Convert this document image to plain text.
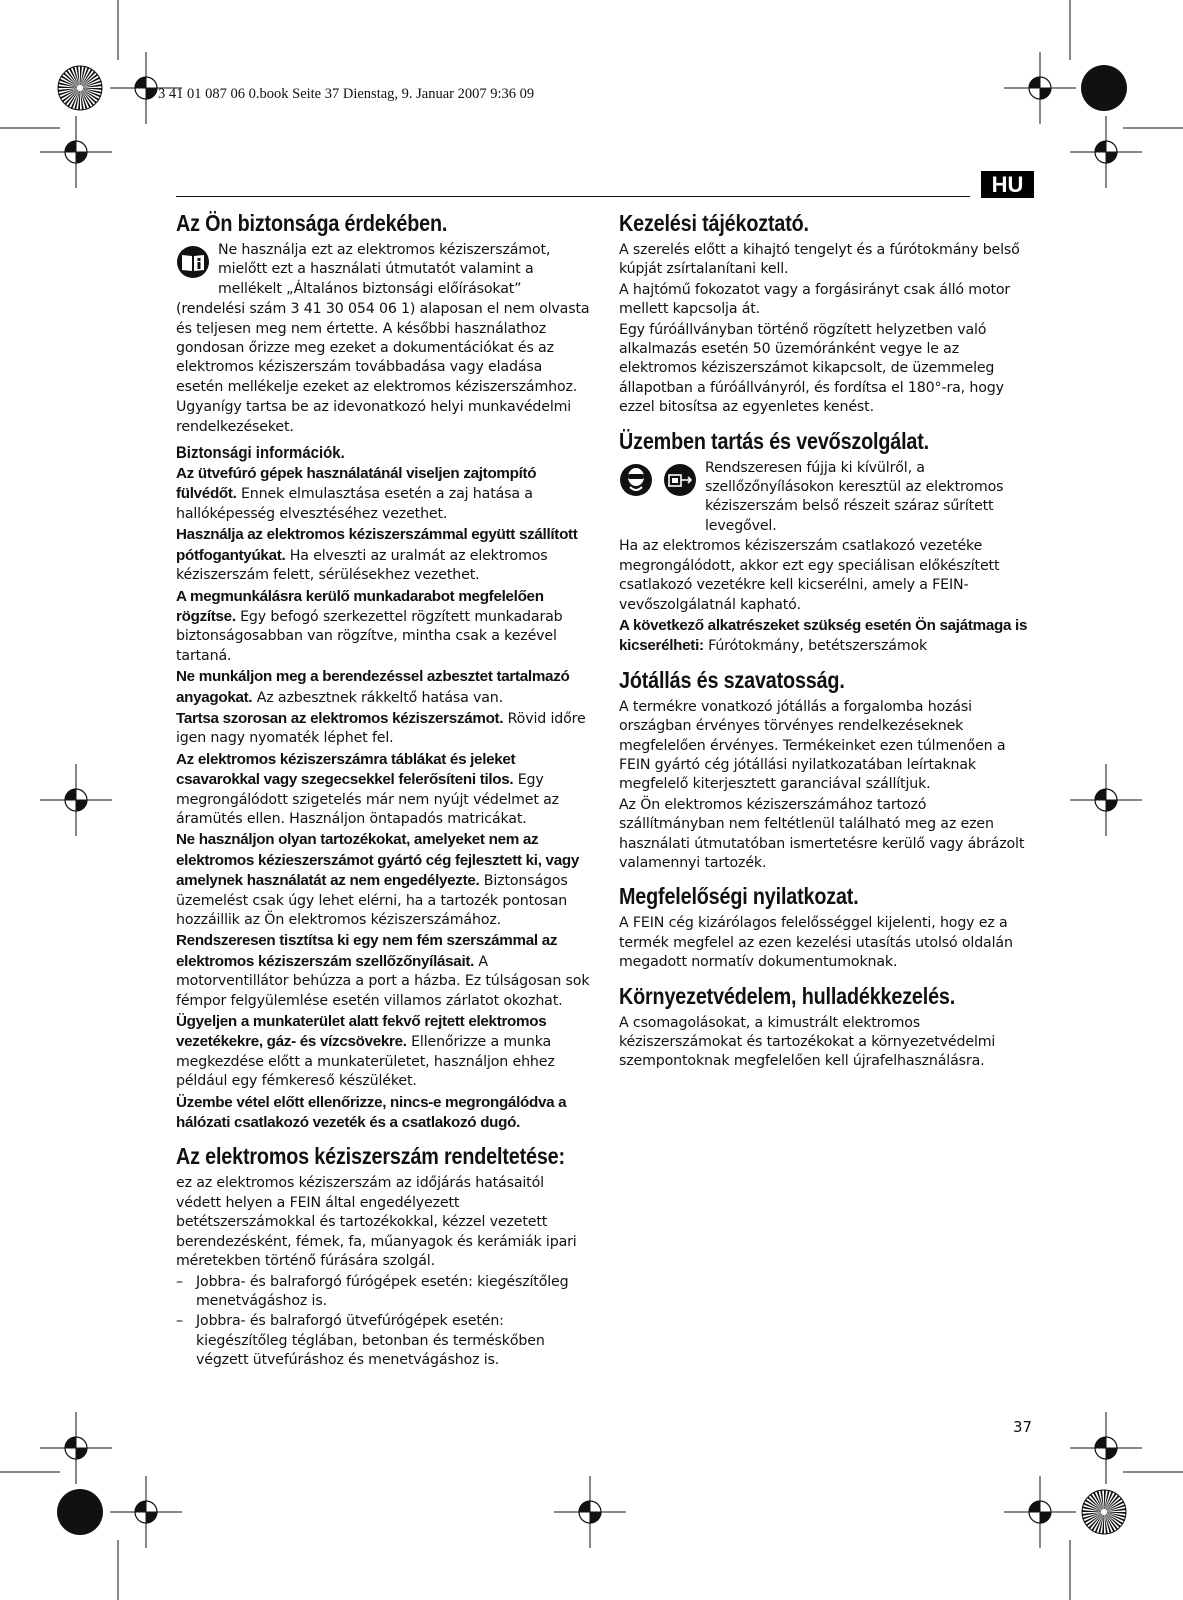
3 41 01 087 06 0.book Seite 37 Dienstag, 9. Januar 2007 9:36 09
HU
Az Ön biztonsága érdekében.
Ne használja ezt az elektromos kéziszerszámot, mielőtt ezt a használati útmutatót valamint a mellékelt „Általános biztonsági előírásokat”
(rendelési szám 3 41 30 054 06 1) alaposan el nem olvasta és teljesen meg nem értette. A későbbi használathoz gondosan őrizze meg ezeket a dokumentációkat és az elektromos kéziszerszám továbbadása vagy eladása esetén mellékelje ezeket az elektromos kéziszerszámhoz.
Ugyanígy tartsa be az idevonatkozó helyi munkavédelmi rendelkezéseket.
Biztonsági információk.
Az ütvefúró gépek használatánál viseljen zajtompító fülvédőt. Ennek elmulasztása esetén a zaj hatása a hallóképesség elvesztéséhez vezethet.
Használja az elektromos kéziszerszámmal együtt szállított pótfogantyúkat. Ha elveszti az uralmát az elektromos kéziszerszám felett, sérülésekhez vezethet.
A megmunkálásra kerülő munkadarabot megfelelően rögzítse. Egy befogó szerkezettel rögzített munkadarab biztonságosabban van rögzítve, mintha csak a kezével tartaná.
Ne munkáljon meg a berendezéssel azbesztet tartalmazó anyagokat. Az azbesztnek rákkeltő hatása van.
Tartsa szorosan az elektromos kéziszerszámot. Rövid időre igen nagy nyomaték léphet fel.
Az elektromos kéziszerszámra táblákat és jeleket csavarokkal vagy szegecsekkel felerősíteni tilos. Egy megrongálódott szigetelés már nem nyújt védelmet az áramütés ellen. Használjon öntapadós matricákat.
Ne használjon olyan tartozékokat, amelyeket nem az elektromos kézieszerszámot gyártó cég fejlesztett ki, vagy amelynek használatát az nem engedélyezte. Biztonságos üzemelést csak úgy lehet elérni, ha a tartozék pontosan hozzáillik az Ön elektromos kéziszerszámához.
Rendszeresen tisztítsa ki egy nem fém szerszámmal az elektromos kéziszerszám szellőzőnyílásait. A motorventillátor behúzza a port a házba. Ez túlságosan sok fémpor felgyülemlése esetén villamos zárlatot okozhat.
Ügyeljen a munkaterület alatt fekvő rejtett elektromos vezetékekre, gáz- és vízcsövekre. Ellenőrizze a munka megkezdése előtt a munkaterületet, használjon ehhez például egy fémkereső készüléket.
Üzembe vétel előtt ellenőrizze, nincs-e megrongálódva a hálózati csatlakozó vezeték és a csatlakozó dugó.
Az elektromos kéziszerszám rendeltetése:
ez az elektromos kéziszerszám az időjárás hatásaitól védett helyen a FEIN által engedélyezett betétszerszámokkal és tartozékokkal, kézzel vezetett berendezésként, fémek, fa, műanyagok és kerámiák ipari méretekben történő fúrására szolgál.
– Jobbra- és balraforgó fúrógépek esetén: kiegészítőleg menetvágáshoz is.
– Jobbra- és balraforgó ütvefúrógépek esetén: kiegészítőleg téglában, betonban és terméskőben végzett ütvefúráshoz és menetvágáshoz is.
Kezelési tájékoztató.
A szerelés előtt a kihajtó tengelyt és a fúrótokmány belső kúpját zsírtalanítani kell.
A hajtómű fokozatot vagy a forgásirányt csak álló motor mellett kapcsolja át.
Egy fúróállványban történő rögzített helyzetben való alkalmazás esetén 50 üzemóránként vegye le az elektromos kéziszerszámot kikapcsolt, de üzemmeleg állapotban a fúróállványról, és fordítsa el 180°-ra, hogy ezzel bitosítsa az egyenletes kenést.
Üzemben tartás és vevőszolgálat.
Rendszeresen fújja ki kívülről, a szellőzőnyílásokon keresztül az elektromos kéziszerszám belső részeit száraz sűrített levegővel.
Ha az elektromos kéziszerszám csatlakozó vezetéke megrongálódott, akkor ezt egy speciálisan előkészített csatlakozó vezetékre kell kicserélni, amely a FEIN-vevőszolgálatnál kapható.
A következő alkatrészeket szükség esetén Ön sajátmaga is kicserélheti: Fúrótokmány, betétszerszámok
Jótállás és szavatosság.
A termékre vonatkozó jótállás a forgalomba hozási országban érvényes törvényes rendelkezéseknek megfelelően érvényes. Termékeinket ezen túlmenően a FEIN gyártó cég jótállási nyilatkozatában leírtaknak megfelelő kiterjesztett garanciával szállítjuk.
Az Ön elektromos kéziszerszámához tartozó szállítmányban nem feltétlenül található meg az ezen használati útmutatóban ismertetésre kerülő vagy ábrázolt valamennyi tartozék.
Megfelelőségi nyilatkozat.
A FEIN cég kizárólagos felelősséggel kijelenti, hogy ez a termék megfelel az ezen kezelési utasítás utolsó oldalán megadott normatív dokumentumoknak.
Környezetvédelem, hulladékkezelés.
A csomagolásokat, a kimustrált elektromos kéziszerszámokat és tartozékokat a környezetvédelmi szempontoknak megfelelően kell újrafelhasználásra.
37
